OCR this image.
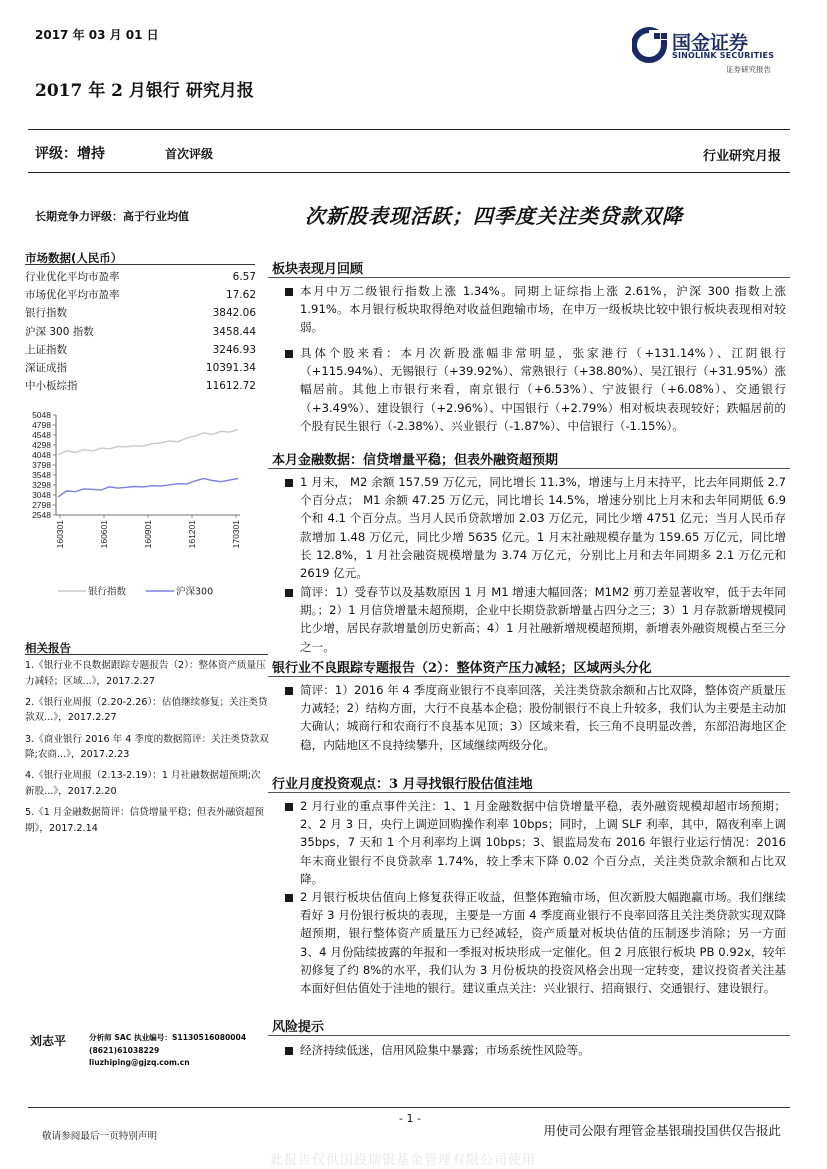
2017 年 03 月 01 日
2017 年 2 月银行 研究月报
国金证券
SINOLINK SECURITIES
证券研究报告
评级：增持	首次评级	行业研究月报
长期竞争力评级：高于行业均值	次新股表现活跃；四季度关注类贷款双降
市场数据(人民币）
行业优化平均市盈率	6.57
市场优化平均市盈率	17.62
银行指数	3842.06
沪深 300 指数	3458.44
上证指数	3246.93
深证成指	10391.34
中小板综指	11612.72
5048
4798
4548
4298
4048
3798
3548
3298
3048
2798
2548
160301	160601	160901	161201	170301
银行指数	沪深300
相关报告
1.《银行业不良数据跟踪专题报告（2）：整体资产质量压力减轻；区域...》，2017.2.27
2.《银行业周报（2.20-2.26）：估值继续修复；关注类贷款双...》，2017.2.27
3.《商业银行 2016 年 4 季度的数据简评：关注类贷款双降;农商...》，2017.2.23
4.《银行业周报（2.13-2.19）：1 月社融数据超预期;次新股...》，2017.2.20
5.《1 月金融数据简评：信贷增量平稳；但表外融资超预期》，2017.2.14
刘志平	分析师 SAC 执业编号：S1130516080004
(8621)61038229
liuzhiping@gjzq.com.cn
板块表现月回顾
本月中万二级银行指数上涨 1.34%。同期上证综指上涨 2.61%，沪深 300 指数上涨 1.91%。本月银行板块取得绝对收益但跑输市场，在申万一级板块比较中银行板块表现相对较弱。
具体个股来看：本月次新股涨幅非常明显，张家港行（+131.14%）、江阴银行（+115.94%）、无锡银行（+39.92%）、常熟银行（+38.80%）、吴江银行（+31.95%）涨幅居前。其他上市银行来看，南京银行（+6.53%）、宁波银行（+6.08%）、交通银行（+3.49%）、建设银行（+2.96%）、中国银行（+2.79%）相对板块表现较好；跌幅居前的个股有民生银行（-2.38%）、兴业银行（-1.87%）、中信银行（-1.15%）。
本月金融数据：信贷增量平稳；但表外融资超预期
1 月末， M2 余额 157.59 万亿元，同比增长 11.3%，增速与上月末持平，比去年同期低 2.7 个百分点； M1 余额 47.25 万亿元，同比增长 14.5%，增速分别比上月末和去年同期低 6.9 个和 4.1 个百分点。当月人民币贷款增加 2.03 万亿元，同比少增 4751 亿元；当月人民币存款增加 1.48 万亿元，同比少增 5635 亿元。1 月末社融规模存量为 159.65 万亿元，同比增长 12.8%，1 月社会融资规模增量为 3.74 万亿元，分别比上月和去年同期多 2.1 万亿元和 2619 亿元。
简评：1）受春节以及基数原因 1 月 M1 增速大幅回落；M1M2 剪刀差显著收窄，低于去年同期。；2）1 月信贷增量未超预期，企业中长期贷款新增量占四分之三；3）1 月存款新增规模同比少增，居民存款增量创历史新高；4）1 月社融新增规模超预期，新增表外融资规模占至三分之一。
银行业不良跟踪专题报告（2）：整体资产压力减轻；区域两头分化
简评：1）2016 年 4 季度商业银行不良率回落，关注类贷款余额和占比双降，整体资产质量压力减轻；2）结构方面，大行不良基本企稳；股份制银行不良上升较多，我们认为主要是主动加大确认；城商行和农商行不良基本见顶；3）区域来看，长三角不良明显改善，东部沿海地区企稳，内陆地区不良持续攀升，区域继续两级分化。
行业月度投资观点：3 月寻找银行股估值洼地
2 月行业的重点事件关注：1、1 月金融数据中信贷增量平稳，表外融资规模却超市场预期；2、2 月 3 日，央行上调逆回购操作利率 10bps；同时，上调 SLF 利率，其中，隔夜利率上调 35bps，7 天和 1 个月利率均上调 10bps；3、银监局发布 2016 年银行业运行情况：2016 年末商业银行不良贷款率 1.74%，较上季末下降 0.02 个百分点，关注类贷款余额和占比双降。
2 月银行板块估值向上修复获得正收益，但整体跑输市场，但次新股大幅跑赢市场。我们继续看好 3 月份银行板块的表现，主要是一方面 4 季度商业银行不良率回落且关注类贷款实现双降超预期，银行整体资产质量压力已经减轻，资产质量对板块估值的压制逐步消除；另一方面 3、4 月份陆续披露的年报和一季报对板块形成一定催化。但 2 月底银行板块 PB 0.92x，较年初修复了约 8%的水平，我们认为 3 月份板块的投资风格会出现一定转变，建议投资者关注基本面好但估值处于洼地的银行。建议重点关注：兴业银行、招商银行、交通银行、建设银行。
风险提示
经济持续低迷，信用风险集中暴露；市场系统性风险等。
- 1 -
敬请参阅最后一页特别声明	用使司公限有理管金基银瑞投国供仅告报此
此报告仅供国投瑞银基金管理有限公司使用
